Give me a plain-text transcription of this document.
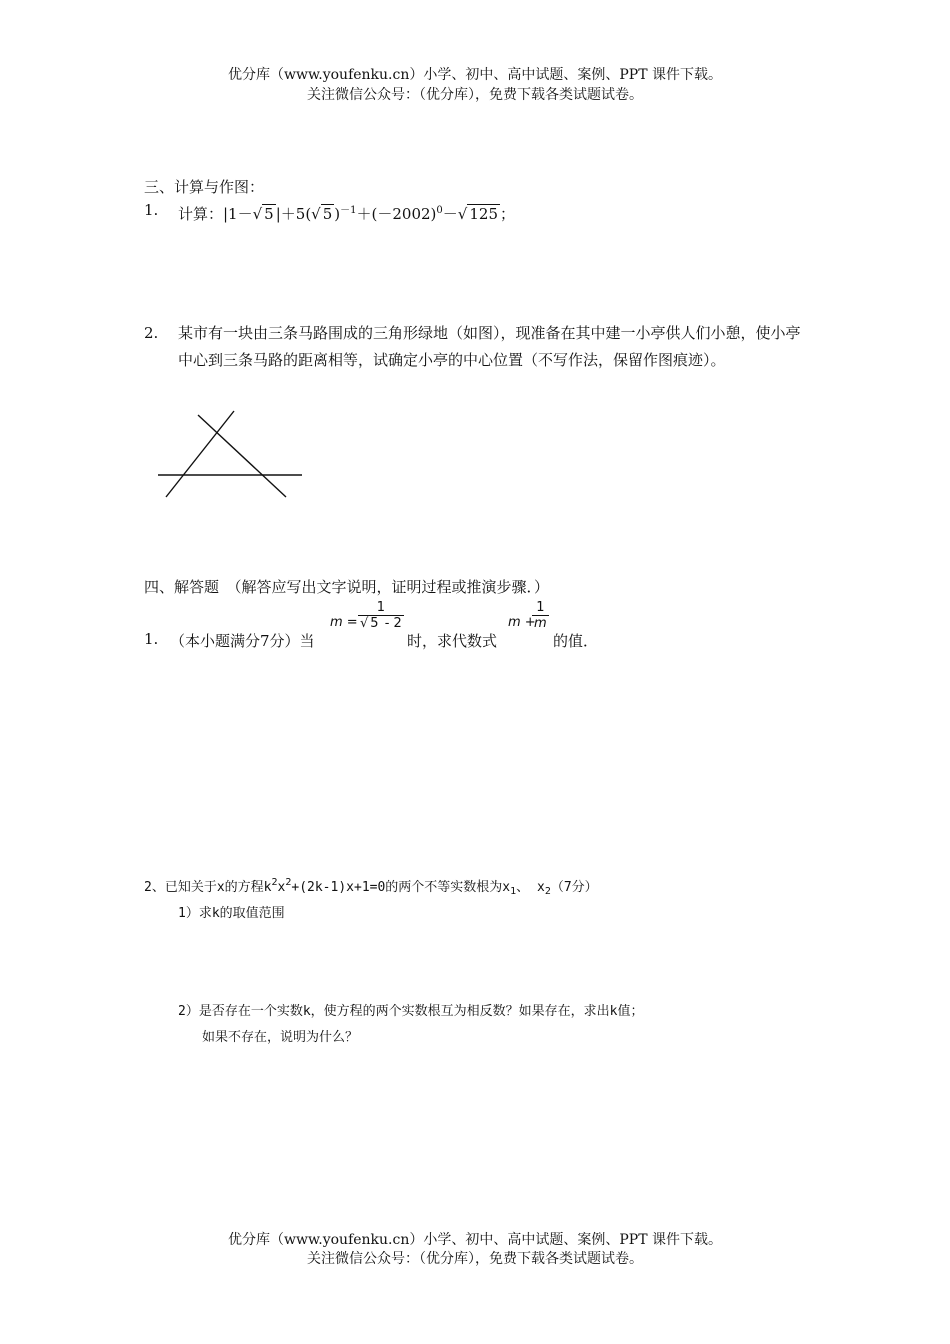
优分库（www.youfenku.cn）小学、初中、高中试题、案例、PPT 课件下载。
关注微信公众号：（优分库），免费下载各类试题试卷。
三、计算与作图：
1. 计算：|1－√ 5 |＋5(√ 5 )$^{-1}+(-2002)^0-√$ 125 ；
2. 某市有一块由三条马路围成的三角形绿地（如图），现准备在其中建一小亭供人们小憩，使小亭中心到三条马路的距离相等，试确定小亭的中心位置（不写作法，保留作图痕迹）。

四、解答题　（解答应写出文字说明，证明过程或推演步骤．）
1. （本小题满分7分）当
$m = \frac{1}{√ 5 - 2}$
时，求代数式
m +
$\frac{1}{m}$
的值．
2、已知关于x的方程$k^2x^2+(2k-1)x+1=0$的两个不等实数根为$x_1$、 $x_2(7$分）
1）求k的取值范围
2）是否存在一个实数k，使方程的两个实数根互为相反数？如果存在，求出k值；
如果不存在，说明为什么？
优分库（www.youfenku.cn）小学、初中、高中试题、案例、PPT 课件下载。
关注微信公众号：（优分库），免费下载各类试题试卷。
